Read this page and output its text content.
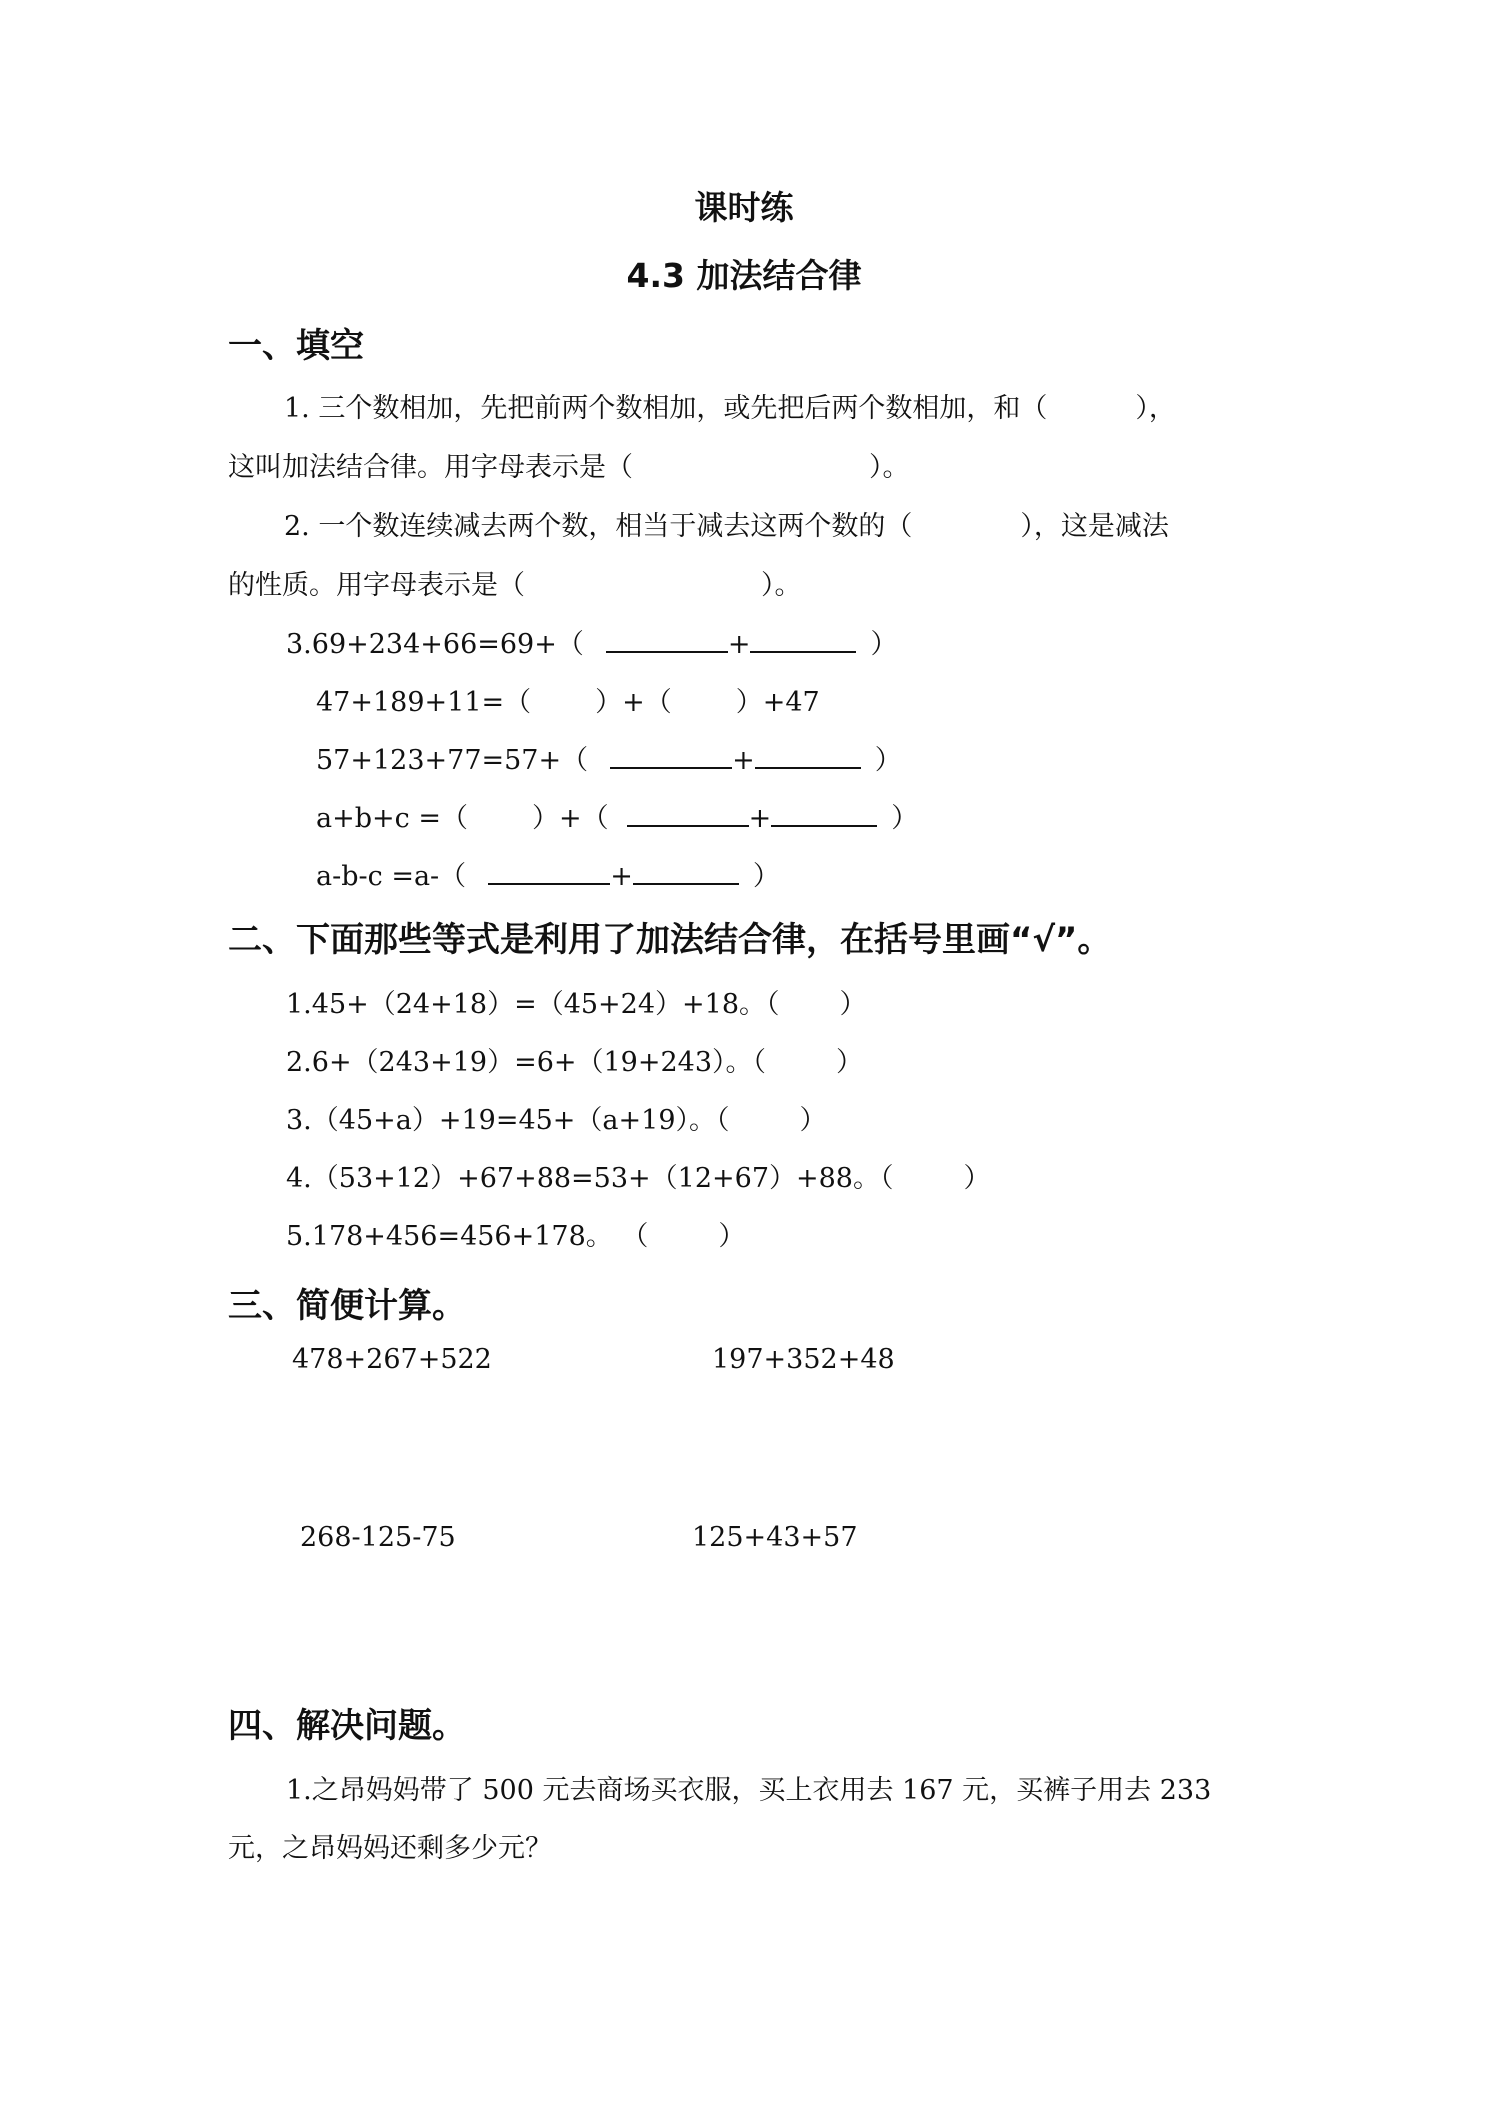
课时练
4.3 加法结合律
一、填空
1. 三个数相加，先把前两个数相加，或先把后两个数相加，和（	），
这叫加法结合律。用字母表示是（	）。
2. 一个数连续减去两个数，相当于减去这两个数的（	），这是减法
的性质。用字母表示是（	）。
3.69+234+66=69+（	+	）
47+189+11=（ ）+（ ）+47
57+123+77=57+（	+	）
a+b+c =（ ）+（	+	）
a-b-c =a-（	+	）
二、下面那些等式是利用了加法结合律，在括号里画“√”。
1.45+（24+18）=（45+24）+18。（ ）
2.6+（243+19）=6+（19+243）。（	）
3.（45+a）+19=45+（a+19）。（	）
4.（53+12）+67+88=53+（12+67）+88。（	）
5.178+456=456+178。 （	）
三、简便计算。
478+267+522	197+352+48
268-125-75	125+43+57
四、解决问题。
1.之昂妈妈带了 500 元去商场买衣服，买上衣用去 167 元，买裤子用去 233
元，之昂妈妈还剩多少元？
